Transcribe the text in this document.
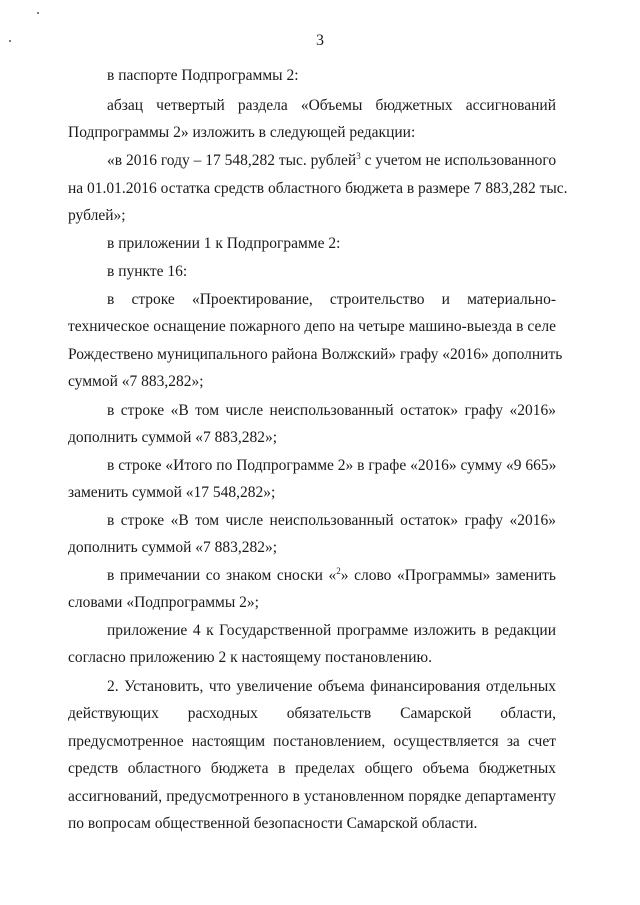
3
в паспорте Подпрограммы 2:
абзац четвертый раздела «Объемы бюджетных ассигнований
Подпрограммы 2» изложить в следующей редакции:
«в 2016 году – 17 548,282 тыс. рублей$^3$ с учетом не использованного
на 01.01.2016 остатка средств областного бюджета в размере 7 883,282 тыс.
рублей»;
в приложении 1 к Подпрограмме 2:
в пункте 16:
в строке «Проектирование, строительство и материально-
техническое оснащение пожарного депо на четыре машино-выезда в селе
Рождествено муниципального района Волжский» графу «2016» дополнить
суммой «7 883,282»;
в строке «В том числе неиспользованный остаток» графу «2016»
дополнить суммой «7 883,282»;
в строке «Итого по Подпрограмме 2» в графе «2016» сумму «9 665»
заменить суммой «17 548,282»;
в строке «В том числе неиспользованный остаток» графу «2016»
дополнить суммой «7 883,282»;
в примечании со знаком сноски «$^2$» слово «Программы» заменить
словами «Подпрограммы 2»;
приложение 4 к Государственной программе изложить в редакции
согласно приложению 2 к настоящему постановлению.
2. Установить, что увеличение объема финансирования отдельных
действующих расходных обязательств Самарской области,
предусмотренное настоящим постановлением, осуществляется за счет
средств областного бюджета в пределах общего объема бюджетных
ассигнований, предусмотренного в установленном порядке департаменту
по вопросам общественной безопасности Самарской области.
